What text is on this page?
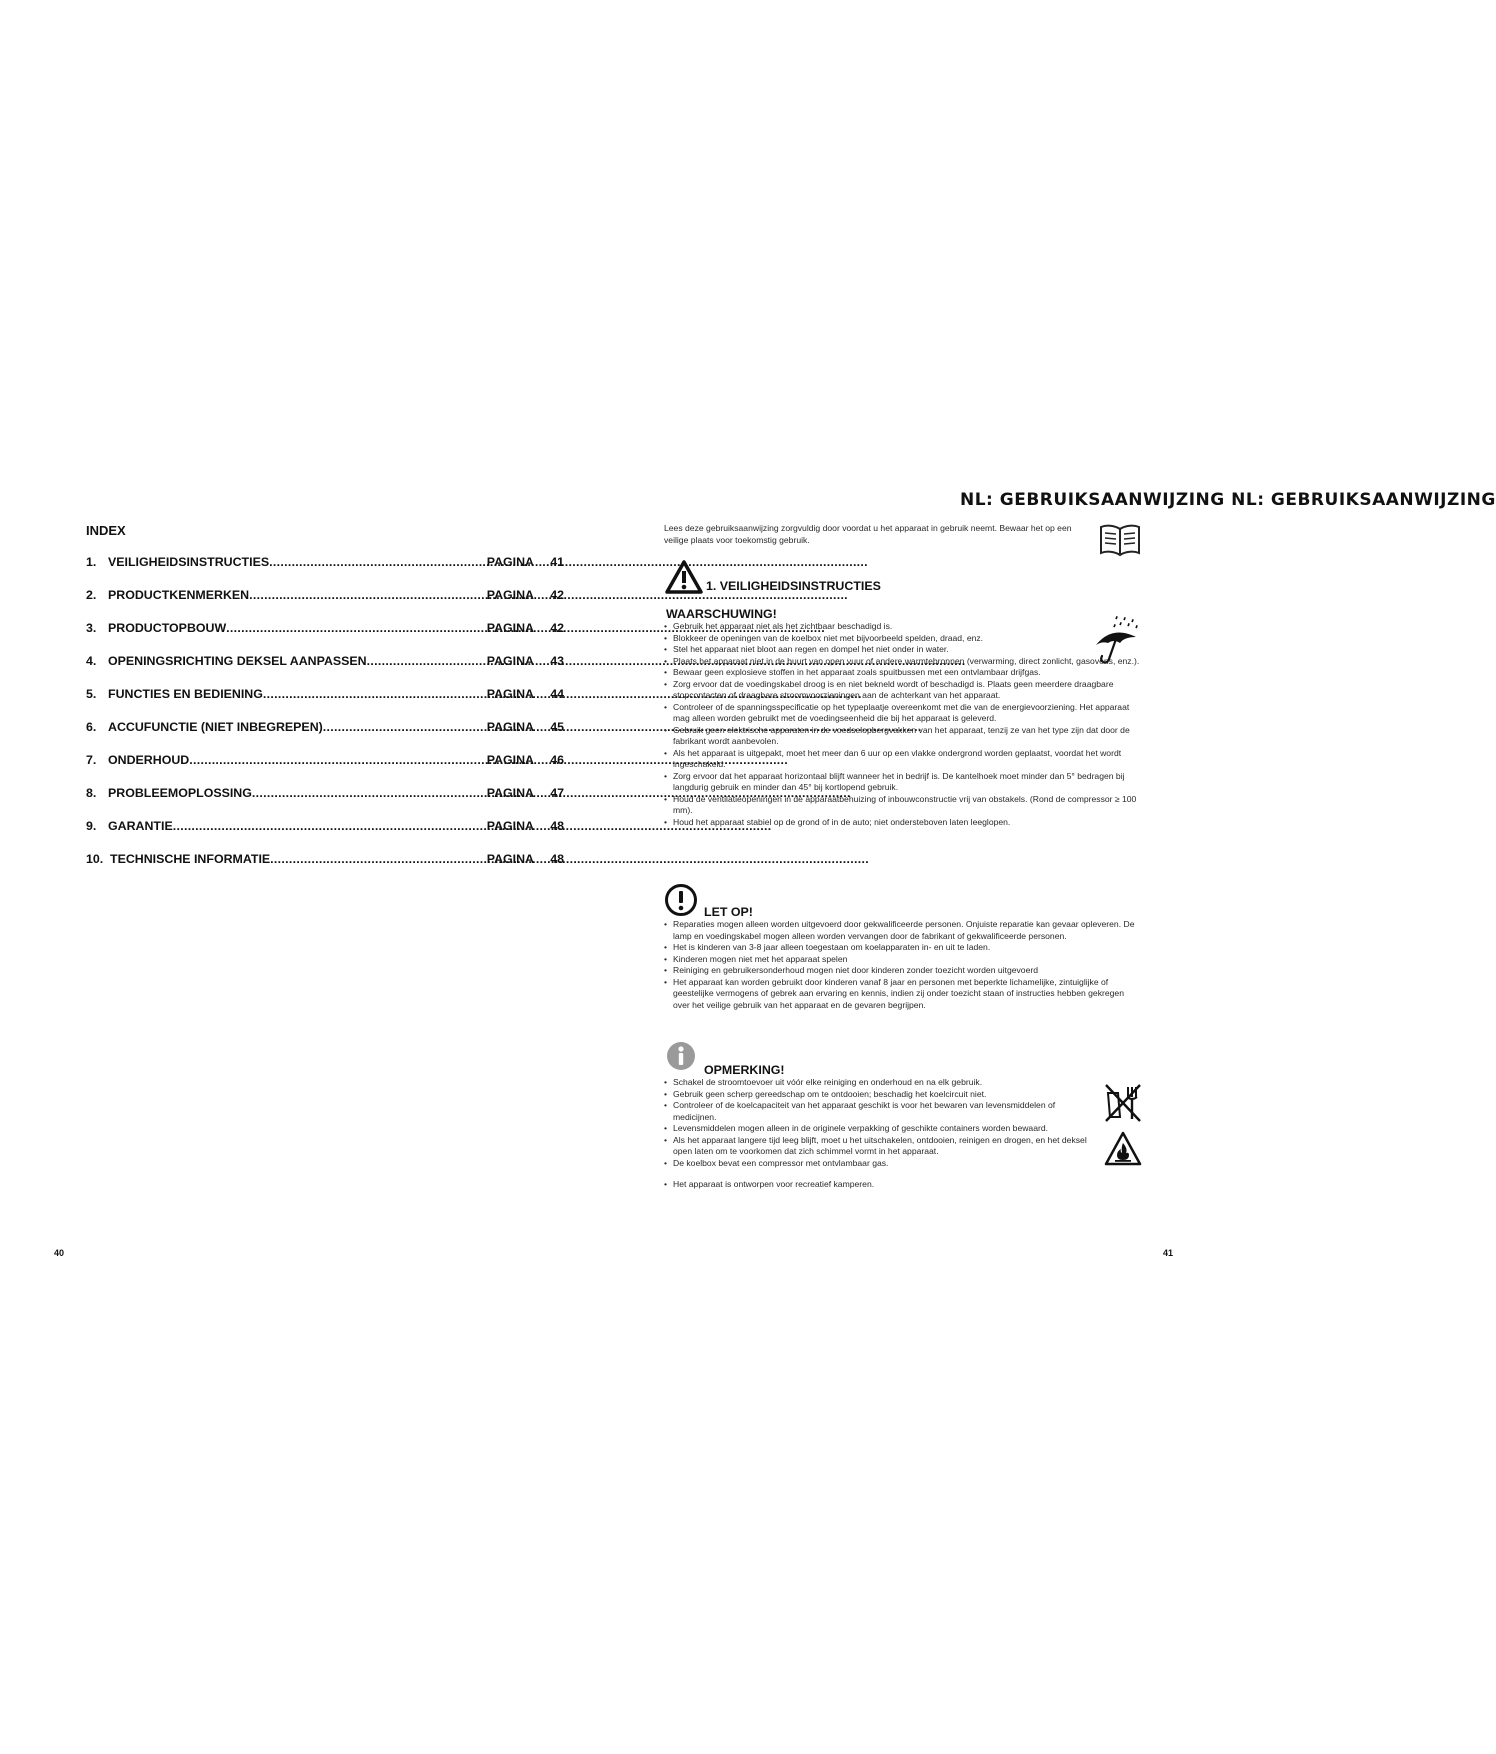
NL: GEBRUIKSAANWIJZING NL: GEBRUIKSAANWIJZING
INDEX
1. VEILIGHEIDSINSTRUCTIES .....	PAGINA	41
2. PRODUCTKENMERKEN .....	PAGINA	42
3. PRODUCTOPBOUW .....	PAGINA	42
4. OPENINGSRICHTING DEKSEL AANPASSEN .....	PAGINA	43
5. FUNCTIES EN BEDIENING .....	PAGINA	44
6. ACCUFUNCTIE (NIET INBEGREPEN) .....	PAGINA	45
7. ONDERHOUD .....	PAGINA	46
8. PROBLEEMOPLOSSING .....	PAGINA	47
9. GARANTIE .....	PAGINA	48
10. TECHNISCHE INFORMATIE .....	PAGINA	48
Lees deze gebruiksaanwijzing zorgvuldig door voordat u het apparaat in gebruik neemt. Bewaar het op een veilige plaats voor toekomstig gebruik.
1. VEILIGHEIDSINSTRUCTIES
WAARSCHUWING!
• Gebruik het apparaat niet als het zichtbaar beschadigd is.
• Blokkeer de openingen van de koelbox niet met bijvoorbeeld spelden, draad, enz.
• Stel het apparaat niet bloot aan regen en dompel het niet onder in water.
• Plaats het apparaat niet in de buurt van open vuur of andere warmtebronnen (verwarming, direct zonlicht, gasovens, enz.).
• Bewaar geen explosieve stoffen in het apparaat zoals spuitbussen met een ontvlambaar drijfgas.
• Zorg ervoor dat de voedingskabel droog is en niet bekneld wordt of beschadigd is. Plaats geen meerdere draagbare stopcontacten of draagbare stroomvoorzieningen aan de achterkant van het apparaat.
• Controleer of de spanningsspecificatie op het typeplaatje overeenkomt met die van de energievoorziening. Het apparaat mag alleen worden gebruikt met de voedingseenheid die bij het apparaat is geleverd.
• Gebruik geen elektrische apparaten in de voedselopbergvakken van het apparaat, tenzij ze van het type zijn dat door de fabrikant wordt aanbevolen.
• Als het apparaat is uitgepakt, moet het meer dan 6 uur op een vlakke ondergrond worden geplaatst, voordat het wordt ingeschakeld.
• Zorg ervoor dat het apparaat horizontaal blijft wanneer het in bedrijf is. De kantelhoek moet minder dan 5° bedragen bij langdurig gebruik en minder dan 45° bij kortlopend gebruik.
• Houd de ventilatieopeningen in de apparaatbehuizing of inbouwconstructie vrij van obstakels. (Rond de compressor ≥ 100 mm).
• Houd het apparaat stabiel op de grond of in de auto; niet ondersteboven laten leeglopen.
LET OP!
• Reparaties mogen alleen worden uitgevoerd door gekwalificeerde personen. Onjuiste reparatie kan gevaar opleveren. De lamp en voedingskabel mogen alleen worden vervangen door de fabrikant of gekwalificeerde personen.
• Het is kinderen van 3-8 jaar alleen toegestaan om koelapparaten in- en uit te laden.
• Kinderen mogen niet met het apparaat spelen
• Reiniging en gebruikersonderhoud mogen niet door kinderen zonder toezicht worden uitgevoerd
• Het apparaat kan worden gebruikt door kinderen vanaf 8 jaar en personen met beperkte lichamelijke, zintuiglijke of geestelijke vermogens of gebrek aan ervaring en kennis, indien zij onder toezicht staan of instructies hebben gekregen over het veilige gebruik van het apparaat en de gevaren begrijpen.
OPMERKING!
• Schakel de stroomtoevoer uit vóór elke reiniging en onderhoud en na elk gebruik.
• Gebruik geen scherp gereedschap om te ontdooien; beschadig het koelcircuit niet.
• Controleer of de koelcapaciteit van het apparaat geschikt is voor het bewaren van levensmiddelen of medicijnen.
• Levensmiddelen mogen alleen in de originele verpakking of geschikte containers worden bewaard.
• Als het apparaat langere tijd leeg blijft, moet u het uitschakelen, ontdooien, reinigen en drogen, en het deksel open laten om te voorkomen dat zich schimmel vormt in het apparaat.
• De koelbox bevat een compressor met ontvlambaar gas.
• Het apparaat is ontworpen voor recreatief kamperen.
40	41
